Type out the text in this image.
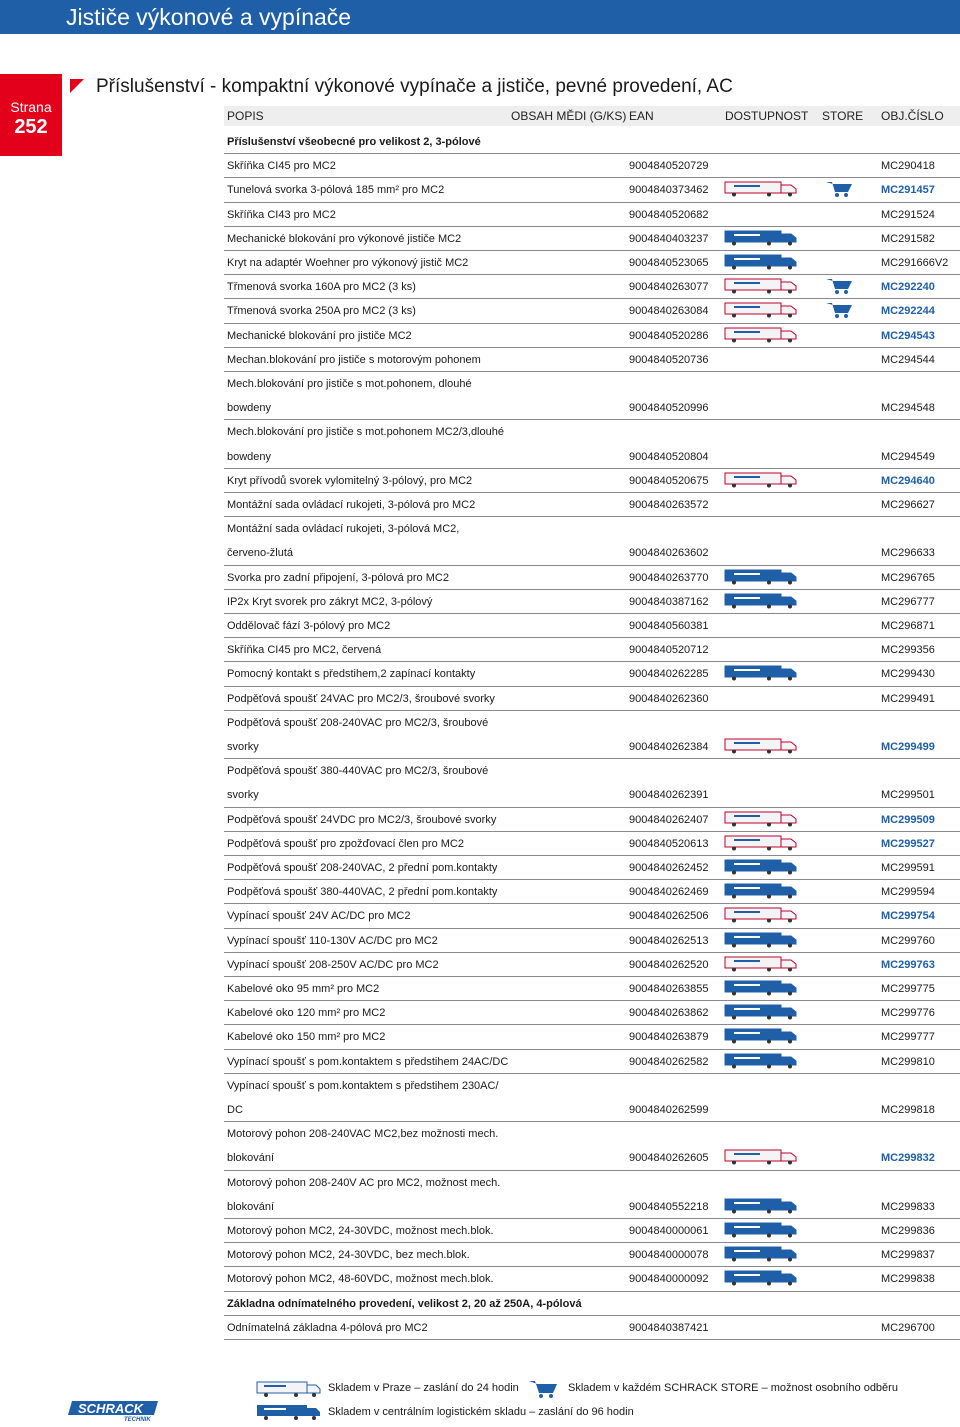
Jističe výkonové a vypínače
Strana
252
Příslušenství - kompaktní výkonové vypínače a jističe, pevné provedení, AC
POPIS	OBSAH MĚDI (G/KS) EAN	DOSTUPNOST STORE OBJ.ČÍSLO
Příslušenství všeobecné pro velikost 2, 3-pólové
Skříňka CI45 pro MC2	9004840520729	MC290418
Tunelová svorka 3-pólová 185 mm² pro MC2	9004840373462	MC291457
Skříňka CI43 pro MC2	9004840520682	MC291524
Mechanické blokování pro výkonové jističe MC2	9004840403237	MC291582
Kryt na adaptér Woehner pro výkonový jistič MC2	9004840523065	MC291666V2
Třmenová svorka 160A pro MC2 (3 ks)	9004840263077	MC292240
Třmenová svorka 250A pro MC2 (3 ks)	9004840263084	MC292244
Mechanické blokování pro jističe MC2	9004840520286	MC294543
Mechan.blokování pro jističe s motorovým pohonem	9004840520736	MC294544
Mech.blokování pro jističe s mot.pohonem, dlouhé
bowdeny	9004840520996	MC294548
Mech.blokování pro jističe s mot.pohonem MC2/3,dlouhé
bowdeny	9004840520804	MC294549
Kryt přívodů svorek vylomitelný 3-pólový, pro MC2	9004840520675	MC294640
Montážní sada ovládací rukojeti, 3-pólová pro MC2	9004840263572	MC296627
Montážní sada ovládací rukojeti, 3-pólová MC2,
červeno-žlutá	9004840263602	MC296633
Svorka pro zadní připojení, 3-pólová pro MC2	9004840263770	MC296765
IP2x Kryt svorek pro zákryt MC2, 3-pólový	9004840387162	MC296777
Oddělovač fází 3-pólový pro MC2	9004840560381	MC296871
Skříňka CI45 pro MC2, červená	9004840520712	MC299356
Pomocný kontakt s předstihem,2 zapínací kontakty	9004840262285	MC299430
Podpěťová spoušť 24VAC pro MC2/3, šroubové svorky	9004840262360	MC299491
Podpěťová spoušť 208-240VAC pro MC2/3, šroubové
svorky	9004840262384	MC299499
Podpěťová spoušť 380-440VAC pro MC2/3, šroubové
svorky	9004840262391	MC299501
Podpěťová spoušť 24VDC pro MC2/3, šroubové svorky	9004840262407	MC299509
Podpěťová spoušť pro zpožďovací člen pro MC2	9004840520613	MC299527
Podpěťová spoušť 208-240VAC, 2 přední pom.kontakty	9004840262452	MC299591
Podpěťová spoušť 380-440VAC, 2 přední pom.kontakty	9004840262469	MC299594
Vypínací spoušť 24V AC/DC pro MC2	9004840262506	MC299754
Vypínací spoušť 110-130V AC/DC pro MC2	9004840262513	MC299760
Vypínací spoušť 208-250V AC/DC pro MC2	9004840262520	MC299763
Kabelové oko 95 mm² pro MC2	9004840263855	MC299775
Kabelové oko 120 mm² pro MC2	9004840263862	MC299776
Kabelové oko 150 mm² pro MC2	9004840263879	MC299777
Vypínací spoušť s pom.kontaktem s předstihem 24AC/DC	9004840262582	MC299810
Vypínací spoušť s pom.kontaktem s předstihem 230AC/
DC	9004840262599	MC299818
Motorový pohon 208-240VAC MC2,bez možnosti mech.
blokování	9004840262605	MC299832
Motorový pohon 208-240V AC pro MC2, možnost mech.
blokování	9004840552218	MC299833
Motorový pohon MC2, 24-30VDC, možnost mech.blok.	9004840000061	MC299836
Motorový pohon MC2, 24-30VDC, bez mech.blok.	9004840000078	MC299837
Motorový pohon MC2, 48-60VDC, možnost mech.blok.	9004840000092	MC299838
Základna odnímatelného provedení, velikost 2, 20 až 250A, 4-pólová
Odnímatelná základna 4-pólová pro MC2	9004840387421	MC296700
Skladem v Praze – zaslání do 24 hodin	Skladem v každém SCHRACK STORE – možnost osobního odběru
Skladem v centrálním logistickém skladu – zaslání do 96 hodin
SCHRACK
TECHNIK
